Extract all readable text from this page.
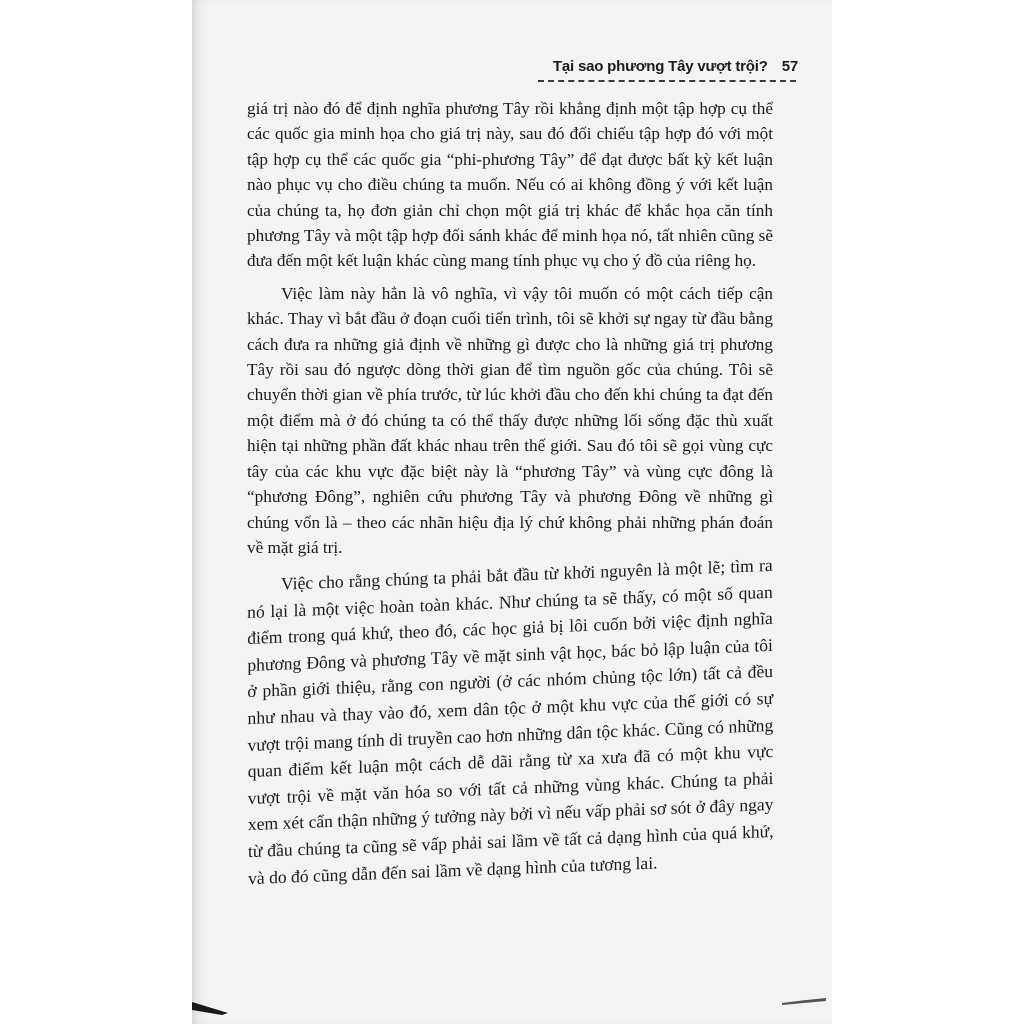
Tại sao phương Tây vượt trội? 57

giá trị nào đó để định nghĩa phương Tây rồi khẳng định một tập hợp cụ thể các quốc gia minh họa cho giá trị này, sau đó đối chiếu tập hợp đó với một tập hợp cụ thể các quốc gia “phi-phương Tây” để đạt được bất kỳ kết luận nào phục vụ cho điều chúng ta muốn. Nếu có ai không đồng ý với kết luận của chúng ta, họ đơn giản chỉ chọn một giá trị khác để khắc họa căn tính phương Tây và một tập hợp đối sánh khác để minh họa nó, tất nhiên cũng sẽ đưa đến một kết luận khác cùng mang tính phục vụ cho ý đồ của riêng họ.

Việc làm này hẳn là vô nghĩa, vì vậy tôi muốn có một cách tiếp cận khác. Thay vì bắt đầu ở đoạn cuối tiến trình, tôi sẽ khởi sự ngay từ đầu bằng cách đưa ra những giả định về những gì được cho là những giá trị phương Tây rồi sau đó ngược dòng thời gian để tìm nguồn gốc của chúng. Tôi sẽ chuyển thời gian về phía trước, từ lúc khởi đầu cho đến khi chúng ta đạt đến một điểm mà ở đó chúng ta có thể thấy được những lối sống đặc thù xuất hiện tại những phần đất khác nhau trên thế giới. Sau đó tôi sẽ gọi vùng cực tây của các khu vực đặc biệt này là “phương Tây” và vùng cực đông là “phương Đông”, nghiên cứu phương Tây và phương Đông về những gì chúng vốn là – theo các nhãn hiệu địa lý chứ không phải những phán đoán về mặt giá trị.

Việc cho rằng chúng ta phải bắt đầu từ khởi nguyên là một lẽ; tìm ra nó lại là một việc hoàn toàn khác. Như chúng ta sẽ thấy, có một số quan điểm trong quá khứ, theo đó, các học giả bị lôi cuốn bởi việc định nghĩa phương Đông và phương Tây về mặt sinh vật học, bác bỏ lập luận của tôi ở phần giới thiệu, rằng con người (ở các nhóm chủng tộc lớn) tất cả đều như nhau và thay vào đó, xem dân tộc ở một khu vực của thế giới có sự vượt trội mang tính di truyền cao hơn những dân tộc khác. Cũng có những quan điểm kết luận một cách dễ dãi rằng từ xa xưa đã có một khu vực vượt trội về mặt văn hóa so với tất cả những vùng khác. Chúng ta phải xem xét cẩn thận những ý tưởng này bởi vì nếu vấp phải sơ sót ở đây ngay từ đầu chúng ta cũng sẽ vấp phải sai lầm về tất cả dạng hình của quá khứ, và do đó cũng dẫn đến sai lầm về dạng hình của tương lai.
